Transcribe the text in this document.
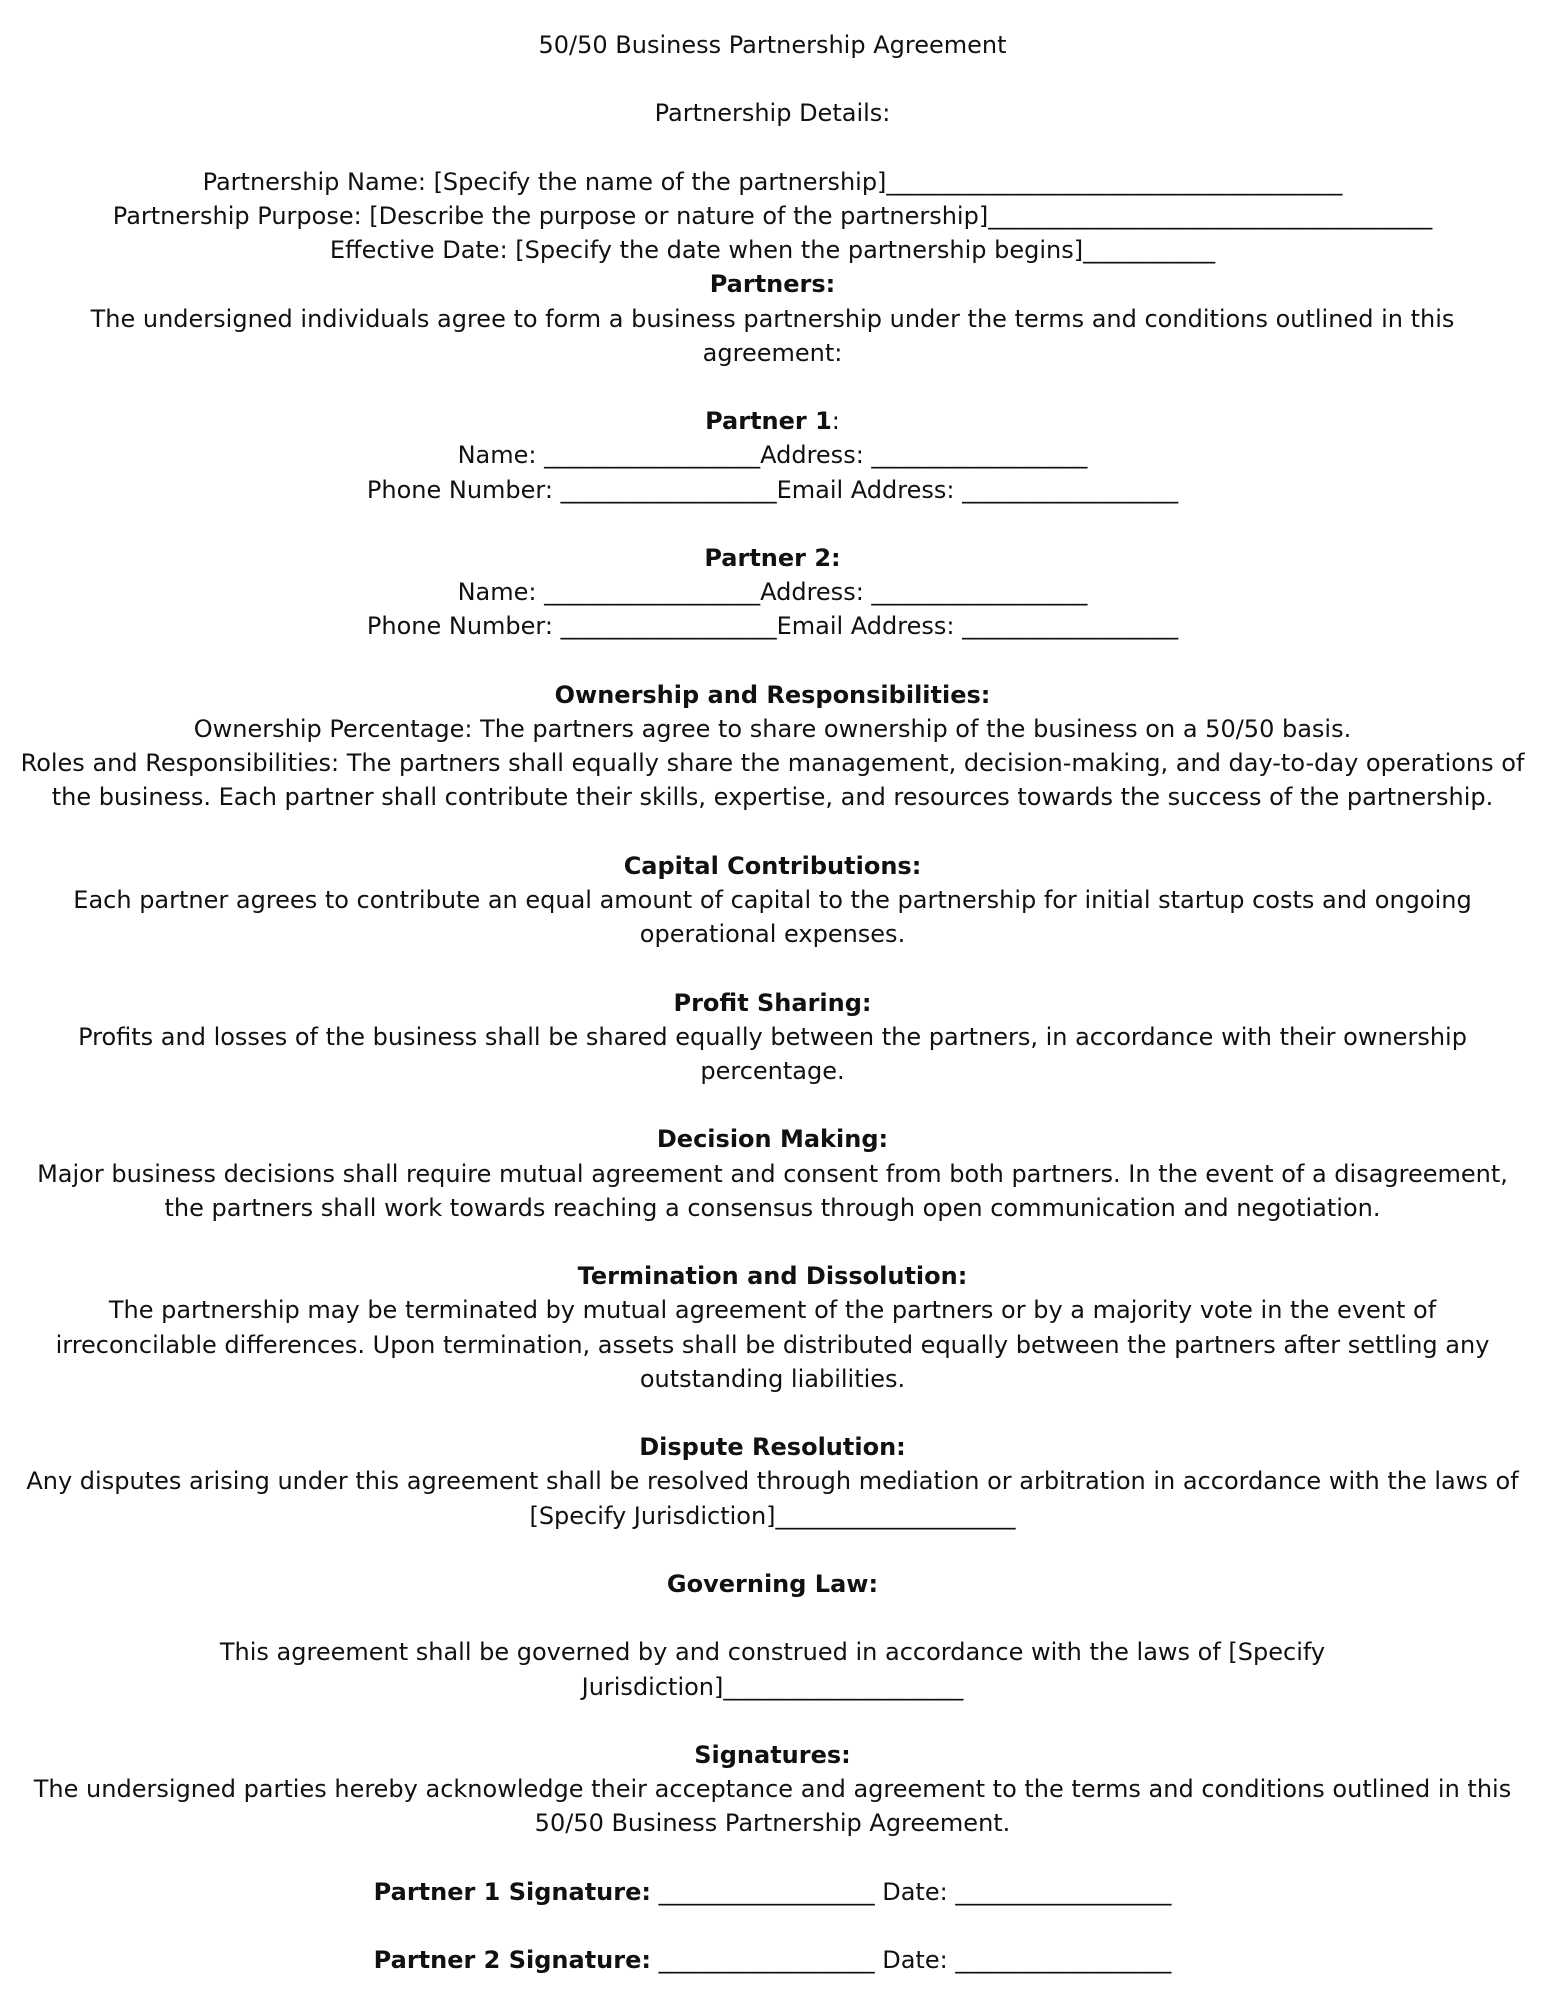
50/50 Business Partnership Agreement
Partnership Details:
Partnership Name: [Specify the name of the partnership]______________________________________
Partnership Purpose: [Describe the purpose or nature of the partnership]_____________________________________
Effective Date: [Specify the date when the partnership begins]___________
Partners:
The undersigned individuals agree to form a business partnership under the terms and conditions outlined in this agreement:
Partner 1:
Name: __________________Address: __________________
Phone Number: __________________Email Address: __________________
Partner 2:
Name: __________________Address: __________________
Phone Number: __________________Email Address: __________________
Ownership and Responsibilities:
Ownership Percentage: The partners agree to share ownership of the business on a 50/50 basis.
Roles and Responsibilities: The partners shall equally share the management, decision-making, and day-to-day operations of the business. Each partner shall contribute their skills, expertise, and resources towards the success of the partnership.
Capital Contributions:
Each partner agrees to contribute an equal amount of capital to the partnership for initial startup costs and ongoing operational expenses.
Profit Sharing:
Profits and losses of the business shall be shared equally between the partners, in accordance with their ownership percentage.
Decision Making:
Major business decisions shall require mutual agreement and consent from both partners. In the event of a disagreement, the partners shall work towards reaching a consensus through open communication and negotiation.
Termination and Dissolution:
The partnership may be terminated by mutual agreement of the partners or by a majority vote in the event of irreconcilable differences. Upon termination, assets shall be distributed equally between the partners after settling any outstanding liabilities.
Dispute Resolution:
Any disputes arising under this agreement shall be resolved through mediation or arbitration in accordance with the laws of [Specify Jurisdiction]____________________
Governing Law:
This agreement shall be governed by and construed in accordance with the laws of [Specify Jurisdiction]____________________
Signatures:
The undersigned parties hereby acknowledge their acceptance and agreement to the terms and conditions outlined in this 50/50 Business Partnership Agreement.
Partner 1 Signature: __________________ Date: __________________
Partner 2 Signature: __________________ Date: __________________
